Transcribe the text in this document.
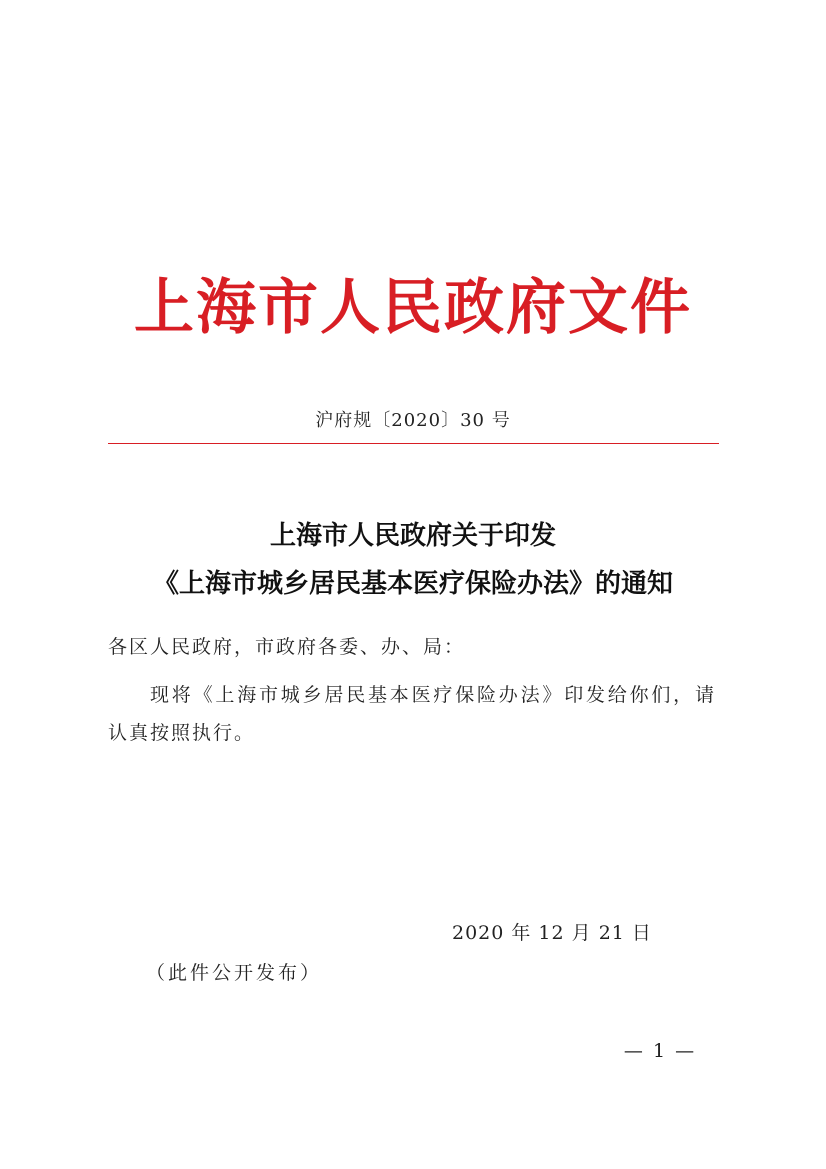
上海市人民政府文件
沪府规〔2020〕30 号
上海市人民政府关于印发
《上海市城乡居民基本医疗保险办法》的通知
各区人民政府，市政府各委、办、局：
现将《上海市城乡居民基本医疗保险办法》印发给你们，请认真按照执行。
2020 年 12 月 21 日
（此件公开发布）
— 1 —
